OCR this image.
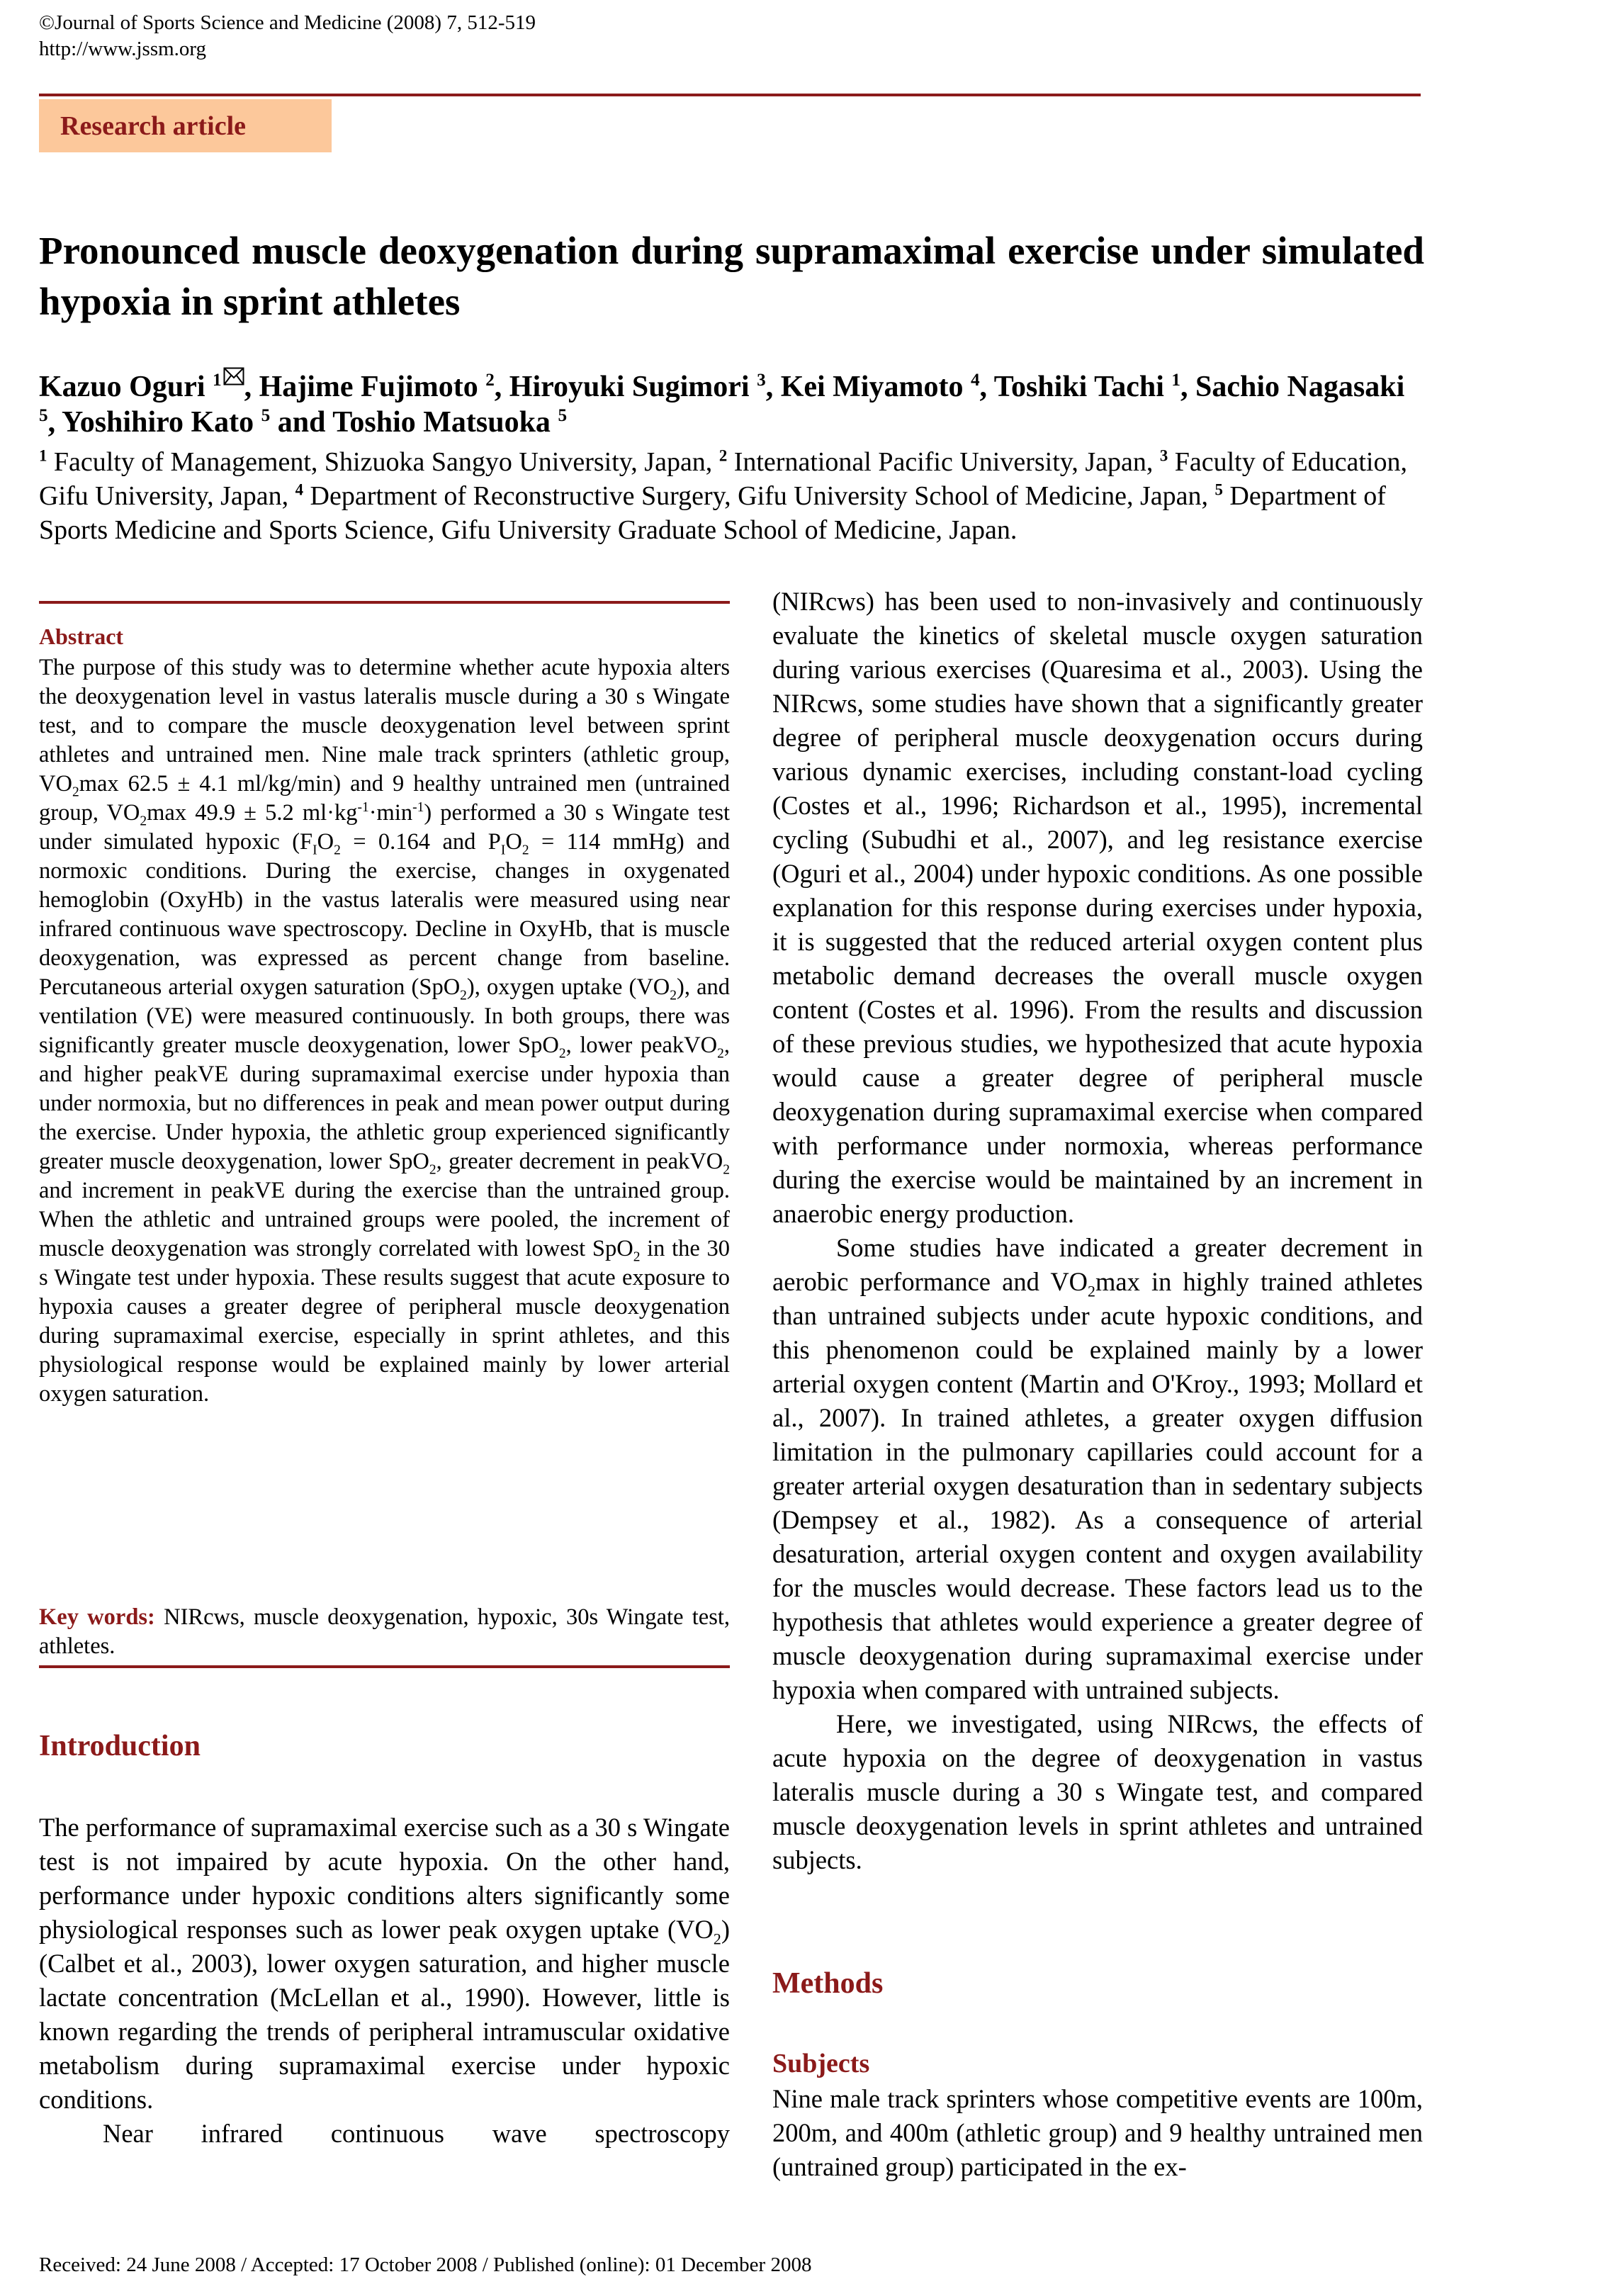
©Journal of Sports Science and Medicine (2008) 7, 512-519
http://www.jssm.org
Research article
Pronounced muscle deoxygenation during supramaximal exercise under simulated hypoxia in sprint athletes
Kazuo Oguri $^1$ , Hajime Fujimoto $^2$, Hiroyuki Sugimori $^3$, Kei Miyamoto $^4$, Toshiki Tachi $^1$, Sachio Nagasaki $^5$, Yoshihiro Kato $^5$ and Toshio Matsuoka $^5$
$^1$ Faculty of Management, Shizuoka Sangyo University, Japan, $^2$ International Pacific University, Japan, $^3$ Faculty of Education, Gifu University, Japan, $^4$ Department of Reconstructive Surgery, Gifu University School of Medicine, Japan, $^5$ Department of Sports Medicine and Sports Science, Gifu University Graduate School of Medicine, Japan.
Abstract
The purpose of this study was to determine whether acute hypoxia alters the deoxygenation level in vastus lateralis muscle during a 30 s Wingate test, and to compare the muscle deoxygenation level between sprint athletes and untrained men. Nine male track sprinters (athletic group, $VO_2\max$ 62.5 ± 4.1 ml/kg/min) and 9 healthy untrained men (untrained group, $VO_2\max$ 49.9 ± 5.2 $ml\cdot kg^{-1}\cdot\min^{-1}$) performed a 30 s Wingate test under simulated hypoxic ($F_IO_2 = 0.164$ and $P_IO_2 = 114$ mmHg) and normoxic conditions. During the exercise, changes in oxygenated hemoglobin (OxyHb) in the vastus lateralis were measured using near infrared continuous wave spectroscopy. Decline in OxyHb, that is muscle deoxygenation, was expressed as percent change from baseline. Percutaneous arterial oxygen saturation (SpO$_2$), oxygen uptake $(VO_2)$, and ventilation (VE) were measured continuously. In both groups, there was significantly greater muscle deoxygenation, lower SpO$_2$, lower peakVO$_2$, and higher peakVE during supramaximal exercise under hypoxia than under normoxia, but no differences in peak and mean power output during the exercise. Under hypoxia, the athletic group experienced significantly greater muscle deoxygenation, lower SpO$_2$, greater decrement in peakVO$_2$ and increment in peakVE during the exercise than the untrained group. When the athletic and untrained groups were pooled, the increment of muscle deoxygenation was strongly correlated with lowest SpO$_2$ in the 30 s Wingate test under hypoxia. These results suggest that acute exposure to hypoxia causes a greater degree of peripheral muscle deoxygenation during supramaximal exercise, especially in sprint athletes, and this physiological response would be explained mainly by lower arterial oxygen saturation.
Key words: NIRcws, muscle deoxygenation, hypoxic, 30s Wingate test, athletes.
Introduction

The performance of supramaximal exercise such as a 30 s Wingate test is not impaired by acute hypoxia. On the other hand, performance under hypoxic conditions alters significantly some physiological responses such as lower peak oxygen uptake $(VO_2)$ (Calbet et al., 2003), lower oxygen saturation, and higher muscle lactate concentration (McLellan et al., 1990). However, little is known regarding the trends of peripheral intramuscular oxidative metabolism during supramaximal exercise under hypoxic conditions.

Near infrared continuous wave spectroscopy

(NIRcws) has been used to non-invasively and continuously evaluate the kinetics of skeletal muscle oxygen saturation during various exercises (Quaresima et al., 2003). Using the NIRcws, some studies have shown that a significantly greater degree of peripheral muscle deoxygenation occurs during various dynamic exercises, including constant-load cycling (Costes et al., 1996; Richardson et al., 1995), incremental cycling (Subudhi et al., 2007), and leg resistance exercise (Oguri et al., 2004) under hypoxic conditions. As one possible explanation for this response during exercises under hypoxia, it is suggested that the reduced arterial oxygen content plus metabolic demand decreases the overall muscle oxygen content (Costes et al. 1996). From the results and discussion of these previous studies, we hypothesized that acute hypoxia would cause a greater degree of peripheral muscle deoxygenation during supramaximal exercise when compared with performance under normoxia, whereas performance during the exercise would be maintained by an increment in anaerobic energy production.

Some studies have indicated a greater decrement in aerobic performance and $VO_2\max$ in highly trained athletes than untrained subjects under acute hypoxic conditions, and this phenomenon could be explained mainly by a lower arterial oxygen content (Martin and O'Kroy., 1993; Mollard et al., 2007). In trained athletes, a greater oxygen diffusion limitation in the pulmonary capillaries could account for a greater arterial oxygen desaturation than in sedentary subjects (Dempsey et al., 1982). As a consequence of arterial desaturation, arterial oxygen content and oxygen availability for the muscles would decrease. These factors lead us to the hypothesis that athletes would experience a greater degree of muscle deoxygenation during supramaximal exercise under hypoxia when compared with untrained subjects.

Here, we investigated, using NIRcws, the effects of acute hypoxia on the degree of deoxygenation in vastus lateralis muscle during a 30 s Wingate test, and compared muscle deoxygenation levels in sprint athletes and untrained subjects.

Methods
Subjects
Nine male track sprinters whose competitive events are 100m, 200m, and 400m (athletic group) and 9 healthy untrained men (untrained group) participated in the ex-
Received: 24 June 2008 / Accepted: 17 October 2008 / Published (online): 01 December 2008
